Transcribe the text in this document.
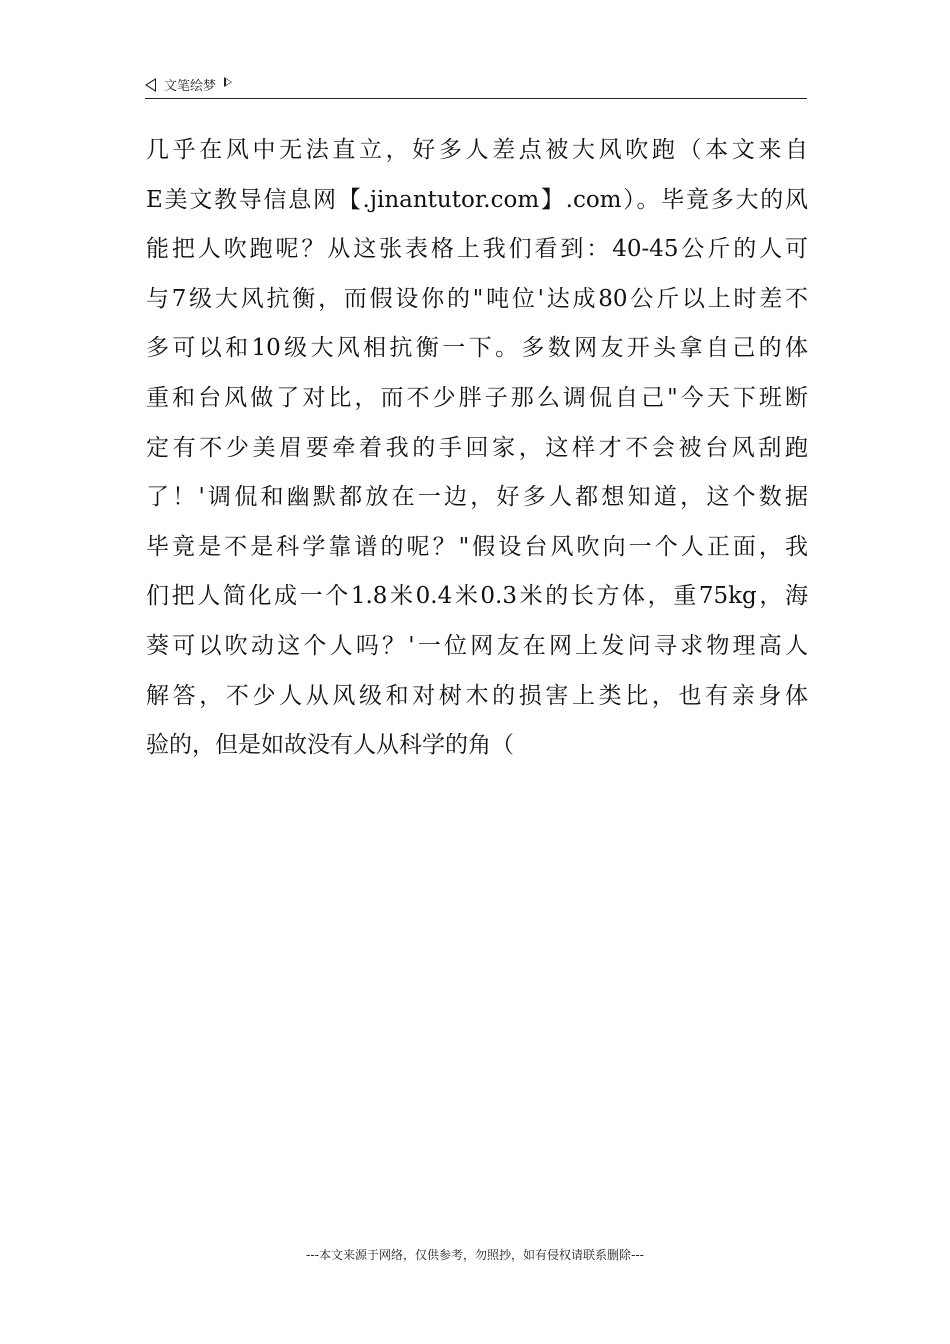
文笔绘梦
几乎在风中无法直立，好多人差点被大风吹跑（本文来自
E美文教导信息网【.jinantutor.com】.com）。毕竟多大的风
能把人吹跑呢？从这张表格上我们看到：40-45公斤的人可
与7级大风抗衡，而假设你的"吨位'达成80公斤以上时差不
多可以和10级大风相抗衡一下。多数网友开头拿自己的体
重和台风做了对比，而不少胖子那么调侃自己"今天下班断
定有不少美眉要牵着我的手回家，这样才不会被台风刮跑
了！'调侃和幽默都放在一边，好多人都想知道，这个数据
毕竟是不是科学靠谱的呢？"假设台风吹向一个人正面，我
们把人简化成一个1.8米0.4米0.3米的长方体，重75kg，海
葵可以吹动这个人吗？'一位网友在网上发问寻求物理高人
解答，不少人从风级和对树木的损害上类比，也有亲身体
验的，但是如故没有人从科学的角（
---本文来源于网络，仅供参考，勿照抄，如有侵权请联系删除---
